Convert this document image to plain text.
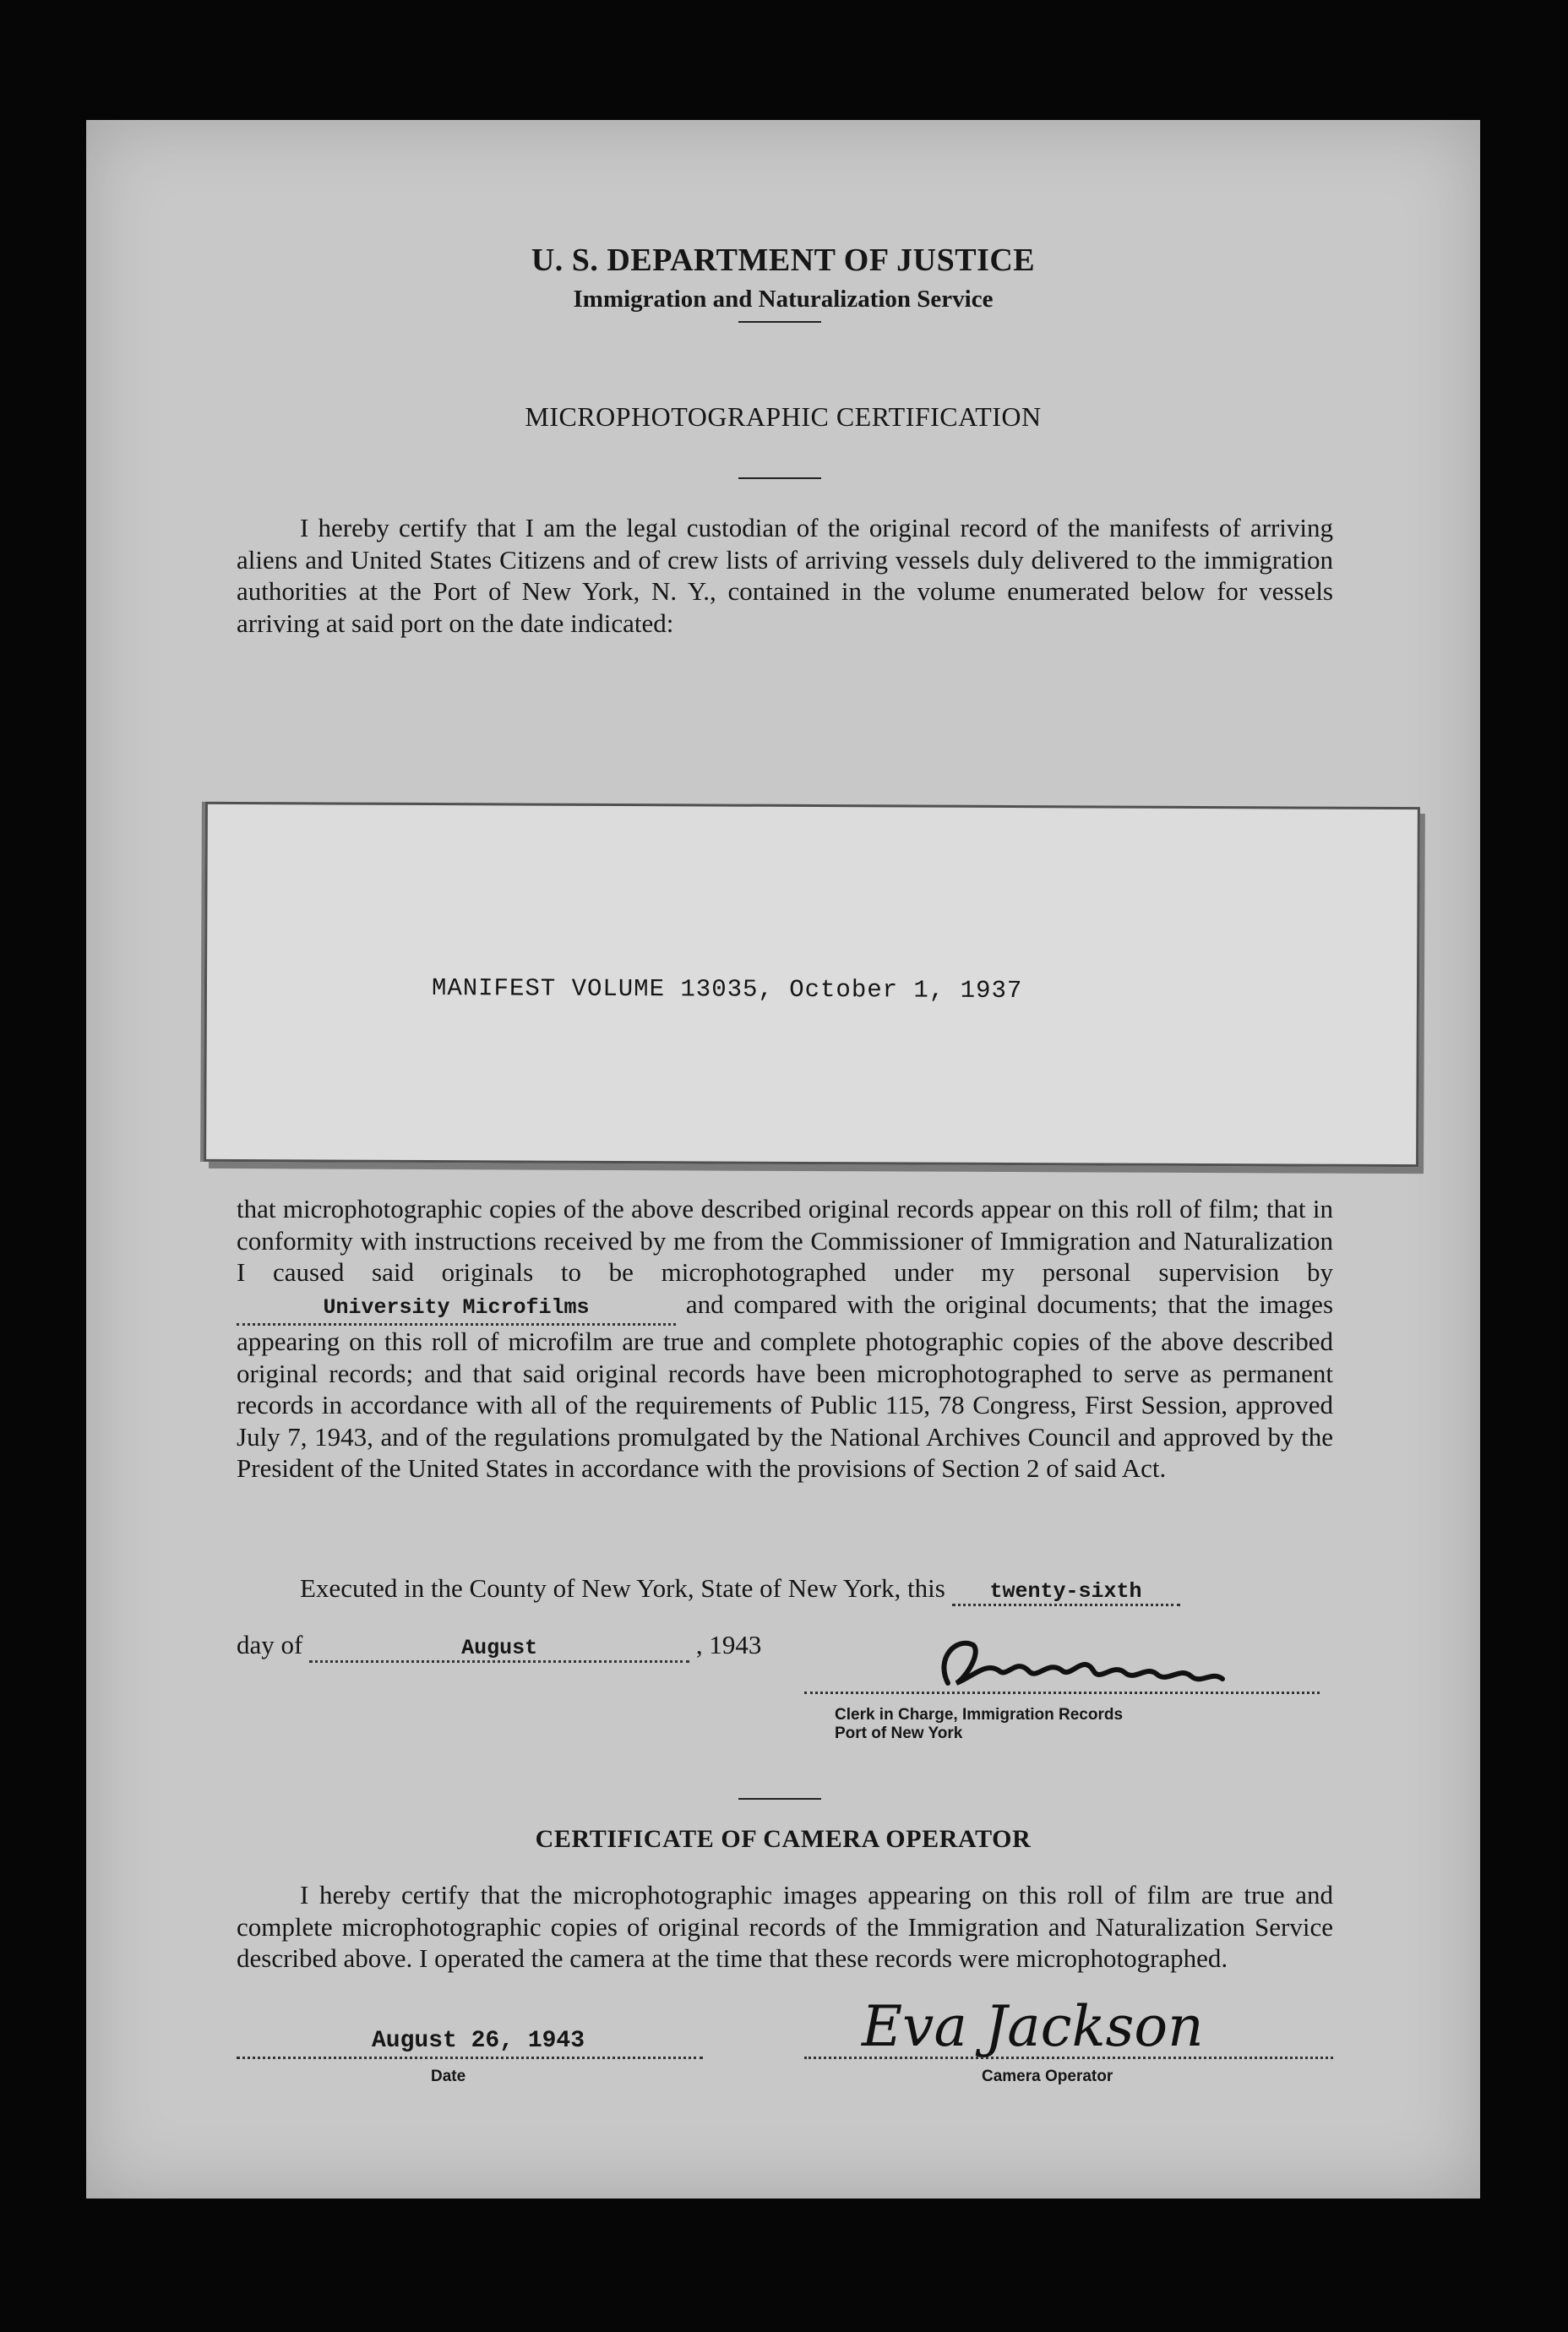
U. S. DEPARTMENT OF JUSTICE
Immigration and Naturalization Service
MICROPHOTOGRAPHIC CERTIFICATION

I hereby certify that I am the legal custodian of the original record of the manifests of arriving aliens and United States Citizens and of crew lists of arriving vessels duly delivered to the immigration authorities at the Port of New York, N. Y., contained in the volume enumerated below for vessels arriving at said port on the date indicated:

MANIFEST VOLUME 13035, October 1, 1937

that microphotographic copies of the above described original records appear on this roll of film; that in conformity with instructions received by me from the Commissioner of Immigration and Naturalization I caused said originals to be microphotographed under my personal supervision by University Microfilms	and compared with the original documents; that the images appearing on this roll of microfilm are true and complete photographic copies of the above described original records; and that said original records have been microphotographed to serve as permanent records in accordance with all of the requirements of Public 115, 78 Congress, First Session, approved July 7, 1943, and of the regulations promulgated by the National Archives Council and approved by the President of the United States in accordance with the provisions of Section 2 of said Act.

Executed in the County of New York, State of New York, this twenty-sixth
day of	August	, 1943
Clerk in Charge, Immigration Records
Port of New York
CERTIFICATE OF CAMERA OPERATOR

I hereby certify that the microphotographic images appearing on this roll of film are true and complete microphotographic copies of original records of the Immigration and Naturalization Service described above. I operated the camera at the time that these records were microphotographed.

August 26, 1943
Date
Eva Jackson
Camera Operator
